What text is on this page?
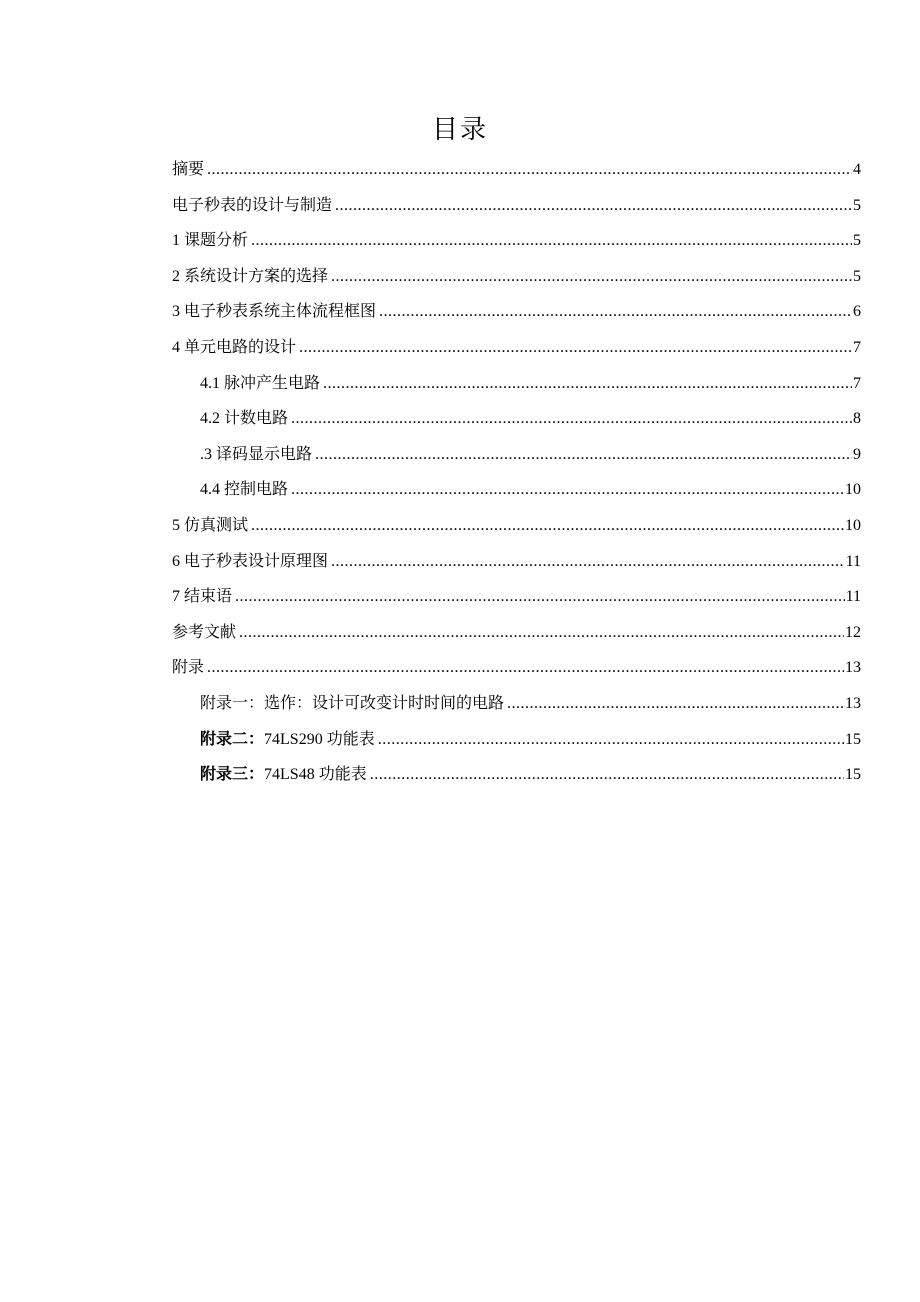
目录
摘要 .....	4
电子秒表的设计与制造 .....	5
1 课题分析 .....	5
2 系统设计方案的选择 .....	5
3 电子秒表系统主体流程框图 .....	6
4 单元电路的设计 .....	7
4.1 脉冲产生电路 .....	7
4.2 计数电路 .....	8
.3 译码显示电路 .....	9
4.4 控制电路 .....	10
5 仿真测试 .....	10
6 电子秒表设计原理图 .....	11
7 结束语 .....	11
参考文献 .....	12
附录 .....	13
附录一：选作：设计可改变计时时间的电路 .....	13
附录二：74LS290 功能表 .....	15
附录三：74LS48 功能表 .....	15
